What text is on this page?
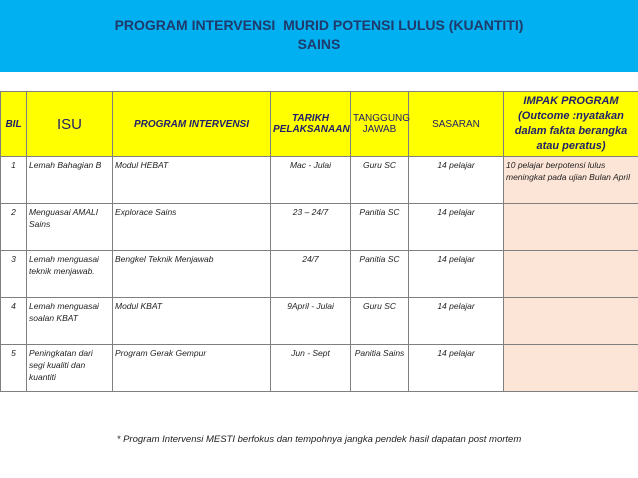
PROGRAM INTERVENSI  MURID POTENSI LULUS (KUANTITI)
SAINS
BIL	ISU	PROGRAM INTERVENSI	TARIKH PELAKSANAAN	TANGGUNG JAWAB	SASARAN	IMPAK PROGRAM (Outcome :nyatakan dalam fakta berangka atau peratus)
1	Lemah Bahagian B	Modul HEBAT	Mac - Julai	Guru SC	14 pelajar	10 pelajar berpotensi lulus meningkat pada ujian Bulan April
2	Menguasai AMALI Sains	Explorace Sains	23 – 24/7	Panitia SC	14 pelajar	
3	Lemah menguasai teknik menjawab.	Bengkel Teknik Menjawab	24/7	Panitia SC	14 pelajar	
4	Lemah menguasai soalan KBAT	Modul KBAT	9April - Julai	Guru SC	14 pelajar	
5	Peningkatan dari segi kualiti dan kuantiti	Program Gerak Gempur	Jun - Sept	Panitia Sains	14 pelajar	
* Program Intervensi MESTI berfokus dan tempohnya jangka pendek hasil dapatan post mortem
